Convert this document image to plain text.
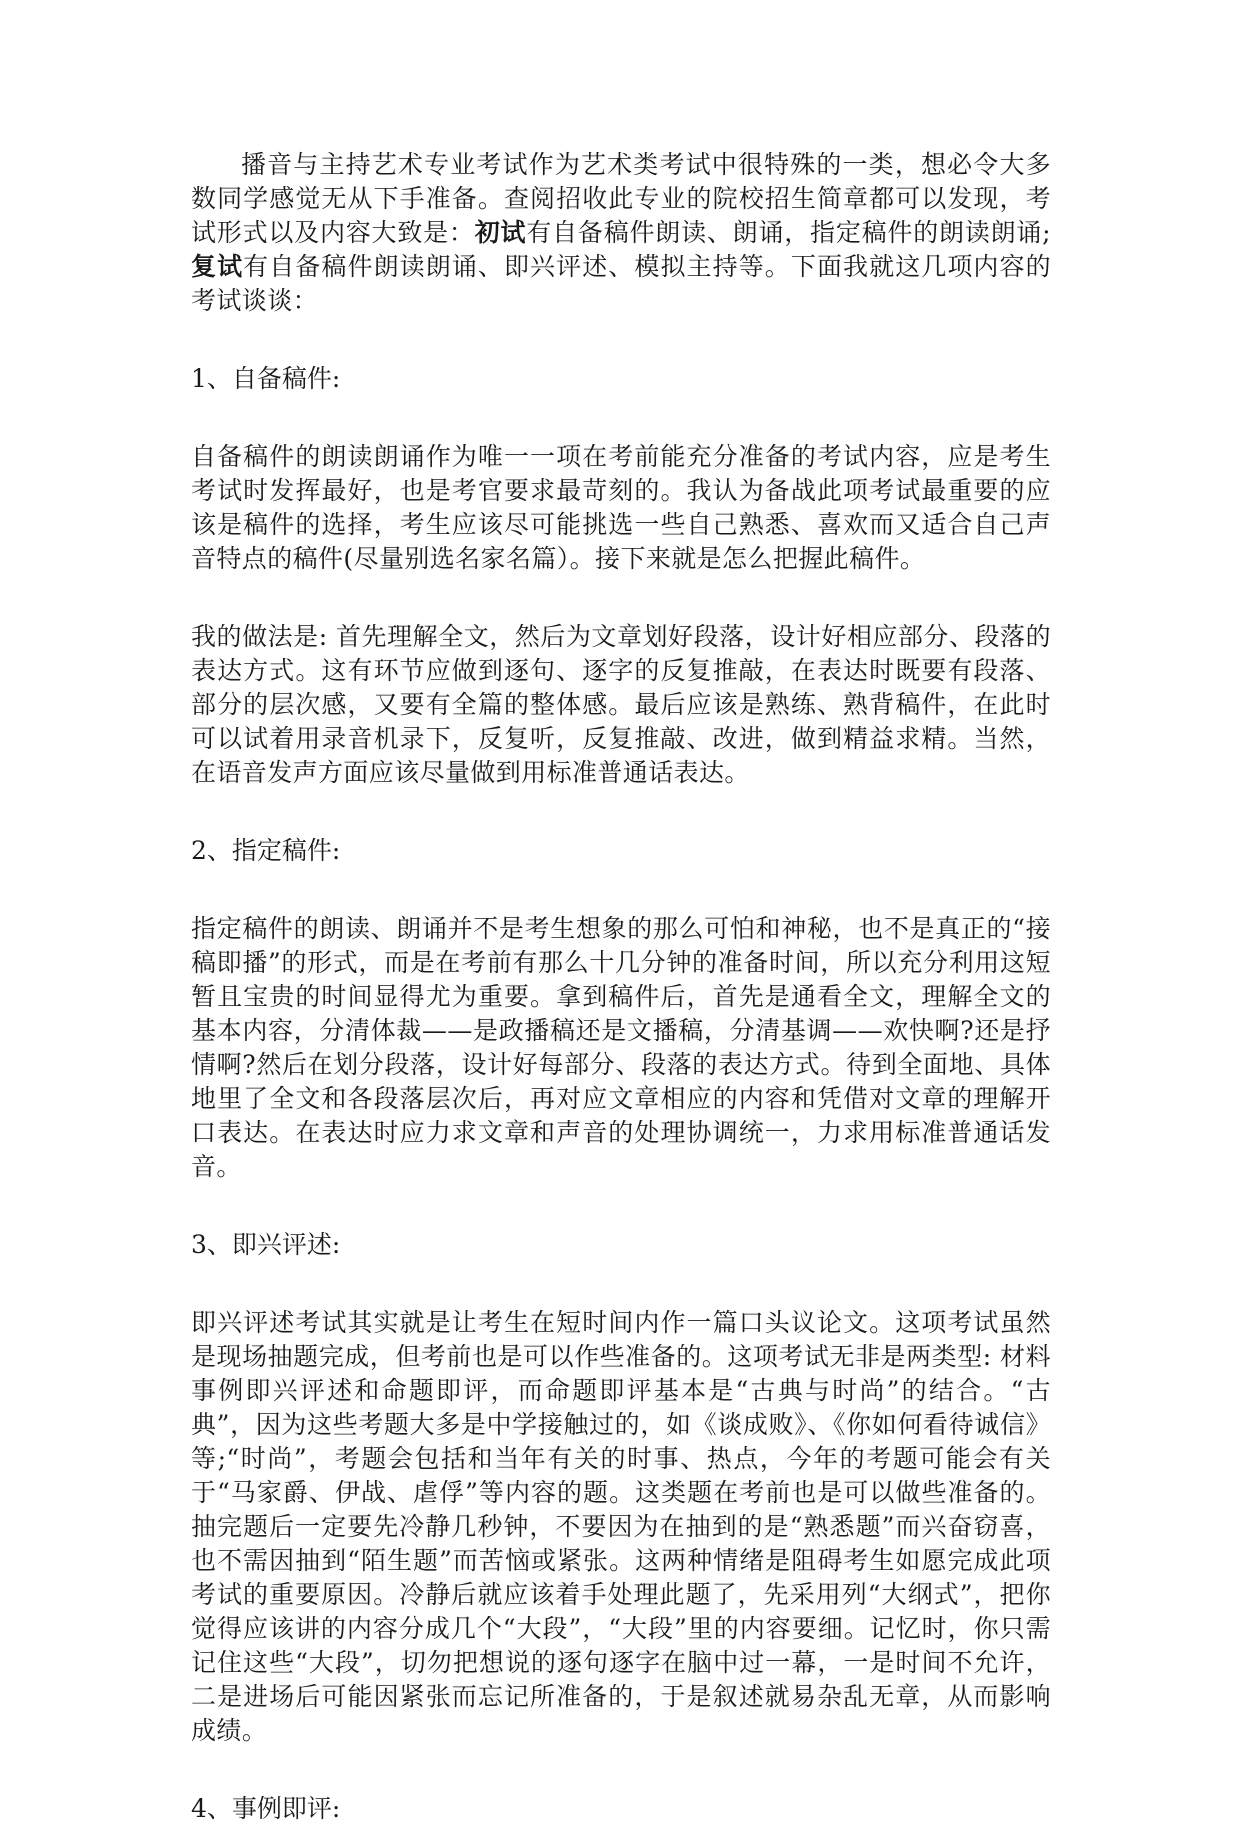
播音与主持艺术专业考试作为艺术类考试中很特殊的一类，想必令大多数同学感觉无从下手准备。查阅招收此专业的院校招生简章都可以发现，考试形式以及内容大致是：初试有自备稿件朗读、朗诵，指定稿件的朗读朗诵;复试有自备稿件朗读朗诵、即兴评述、模拟主持等。下面我就这几项内容的考试谈谈：

1、自备稿件:

自备稿件的朗读朗诵作为唯一一项在考前能充分准备的考试内容，应是考生考试时发挥最好，也是考官要求最苛刻的。我认为备战此项考试最重要的应该是稿件的选择，考生应该尽可能挑选一些自己熟悉、喜欢而又适合自己声音特点的稿件(尽量别选名家名篇）。接下来就是怎么把握此稿件。

我的做法是: 首先理解全文，然后为文章划好段落，设计好相应部分、段落的表达方式。这有环节应做到逐句、逐字的反复推敲，在表达时既要有段落、部分的层次感，又要有全篇的整体感。最后应该是熟练、熟背稿件，在此时可以试着用录音机录下，反复听，反复推敲、改进，做到精益求精。当然，在语音发声方面应该尽量做到用标准普通话表达。

2、指定稿件:

指定稿件的朗读、朗诵并不是考生想象的那么可怕和神秘，也不是真正的“接稿即播”的形式，而是在考前有那么十几分钟的准备时间，所以充分利用这短暂且宝贵的时间显得尤为重要。拿到稿件后，首先是通看全文，理解全文的基本内容，分清体裁——是政播稿还是文播稿，分清基调——欢快啊?还是抒情啊?然后在划分段落，设计好每部分、段落的表达方式。待到全面地、具体地里了全文和各段落层次后，再对应文章相应的内容和凭借对文章的理解开口表达。在表达时应力求文章和声音的处理协调统一，力求用标准普通话发音。

3、即兴评述:

即兴评述考试其实就是让考生在短时间内作一篇口头议论文。这项考试虽然是现场抽题完成，但考前也是可以作些准备的。这项考试无非是两类型: 材料事例即兴评述和命题即评，而命题即评基本是“古典与时尚”的结合。“古典”，因为这些考题大多是中学接触过的，如《谈成败》、《你如何看待诚信》等;“时尚”，考题会包括和当年有关的时事、热点，今年的考题可能会有关于“马家爵、伊战、虐俘”等内容的题。这类题在考前也是可以做些准备的。抽完题后一定要先冷静几秒钟，不要因为在抽到的是“熟悉题”而兴奋窃喜，也不需因抽到“陌生题”而苦恼或紧张。这两种情绪是阻碍考生如愿完成此项考试的重要原因。冷静后就应该着手处理此题了，先采用列“大纲式”，把你觉得应该讲的内容分成几个“大段”，“大段”里的内容要细。记忆时，你只需记住这些“大段”，切勿把想说的逐句逐字在脑中过一幕，一是时间不允许，二是进场后可能因紧张而忘记所准备的，于是叙述就易杂乱无章，从而影响成绩。

4、事例即评:
